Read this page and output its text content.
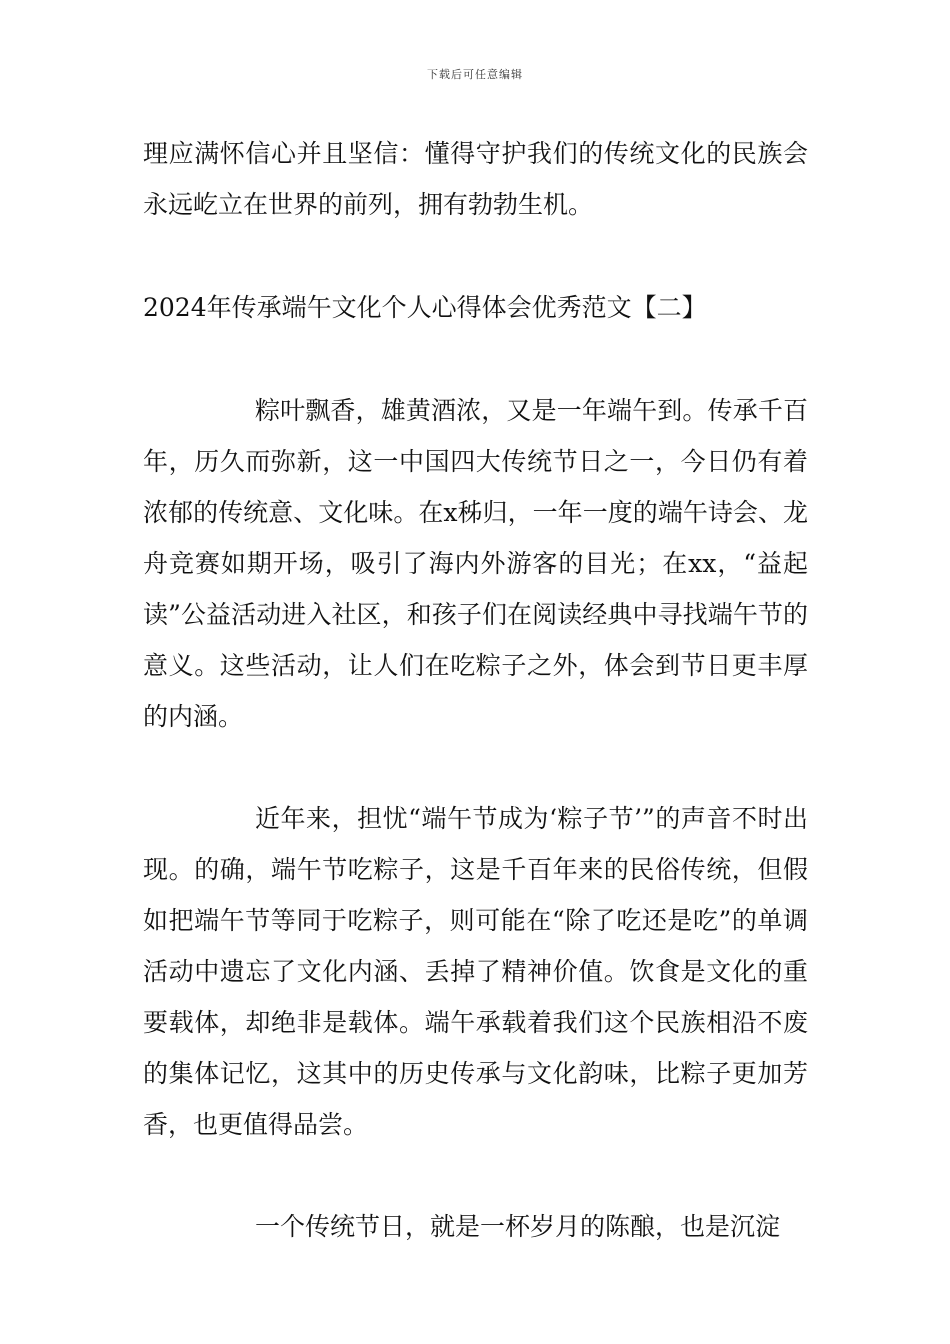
下载后可任意编辑

理应满怀信心并且坚信：懂得守护我们的传统文化的民族会永远屹立在世界的前列，拥有勃勃生机。

2024年传承端午文化个人心得体会优秀范文【二】

粽叶飘香，雄黄酒浓，又是一年端午到。传承千百年，历久而弥新，这一中国四大传统节日之一，今日仍有着浓郁的传统意、文化味。在x秭归，一年一度的端午诗会、龙舟竞赛如期开场，吸引了海内外游客的目光；在xx，“益起读”公益活动进入社区，和孩子们在阅读经典中寻找端午节的意义。这些活动，让人们在吃粽子之外，体会到节日更丰厚的内涵。

近年来，担忧“端午节成为‘粽子节’”的声音不时出现。的确，端午节吃粽子，这是千百年来的民俗传统，但假如把端午节等同于吃粽子，则可能在“除了吃还是吃”的单调活动中遗忘了文化内涵、丢掉了精神价值。饮食是文化的重要载体，却绝非是载体。端午承载着我们这个民族相沿不废的集体记忆，这其中的历史传承与文化韵味，比粽子更加芳香，也更值得品尝。

一个传统节日，就是一杯岁月的陈酿，也是沉淀
